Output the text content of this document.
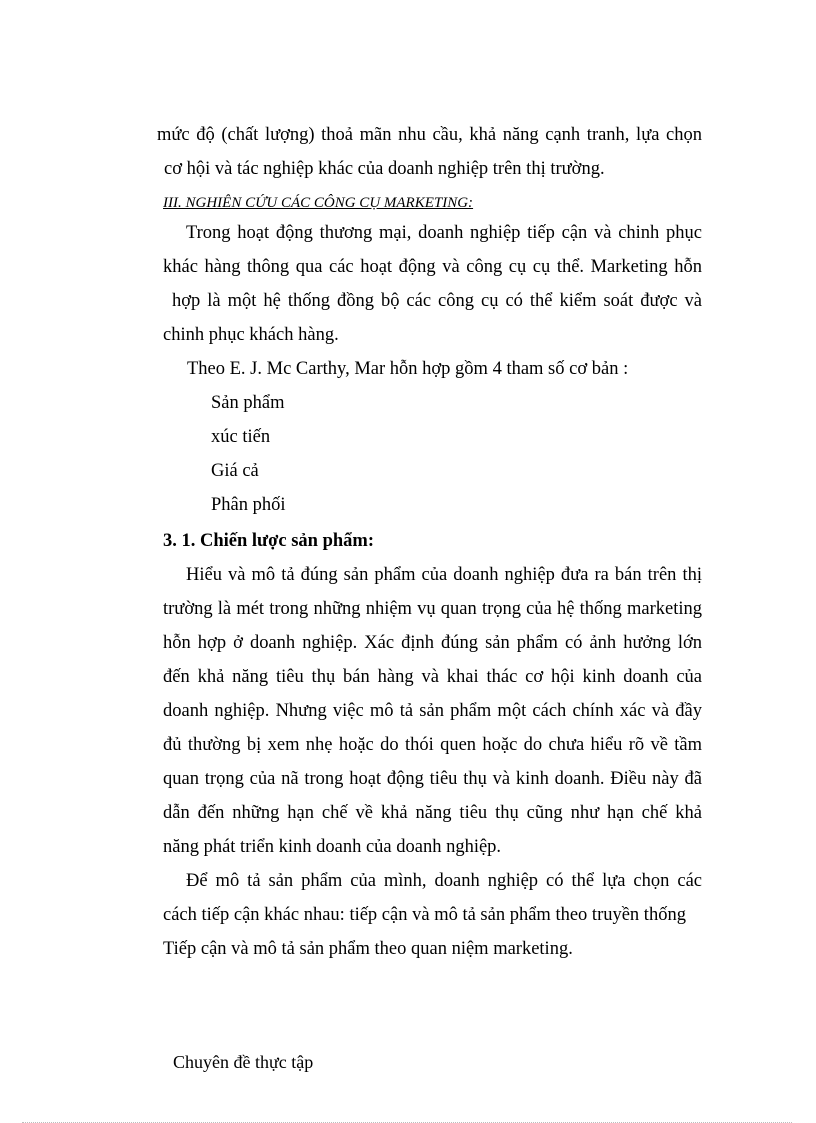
mức độ (chất lượng) thoả mãn nhu cầu, khả năng cạnh tranh, lựa chọn
cơ hội và tác nghiệp khác của doanh nghiệp trên thị trường.
III. NGHIÊN CỨU CÁC CÔNG CỤ MARKETING:
Trong hoạt động thương mại, doanh nghiệp tiếp cận và chinh phục
khác hàng thông qua các hoạt động và công cụ cụ thể. Marketing hỗn
hợp là một hệ thống đồng bộ các công cụ có thể kiểm soát được và
chinh phục khách hàng.
Theo E. J. Mc Carthy, Mar hỗn hợp gồm 4 tham số cơ bản :
Sản phẩm
xúc tiến
Giá cả
Phân phối
3. 1. Chiến lược sản phẩm:
Hiểu và mô tả đúng sản phẩm của doanh nghiệp đưa ra bán trên thị
trường là mét trong những nhiệm vụ quan trọng của hệ thống marketing
hỗn hợp ở doanh nghiệp. Xác định đúng sản phẩm có ảnh hưởng lớn
đến khả năng tiêu thụ bán hàng và khai thác cơ hội kinh doanh của
doanh nghiệp. Nhưng việc mô tả sản phẩm một cách chính xác và đầy
đủ thường bị xem nhẹ hoặc do thói quen hoặc do chưa hiểu rõ về tầm
quan trọng của nã trong hoạt động tiêu thụ và kinh doanh. Điều này đã
dẫn đến những hạn chế về khả năng tiêu thụ cũng như hạn chế khả
năng phát triển kinh doanh của doanh nghiệp.
Để mô tả sản phẩm của mình, doanh nghiệp có thể lựa chọn các
cách tiếp cận khác nhau: tiếp cận và mô tả sản phẩm theo truyền thống
Tiếp cận và mô tả sản phẩm theo quan niệm marketing.
Chuyên đề thực tập
